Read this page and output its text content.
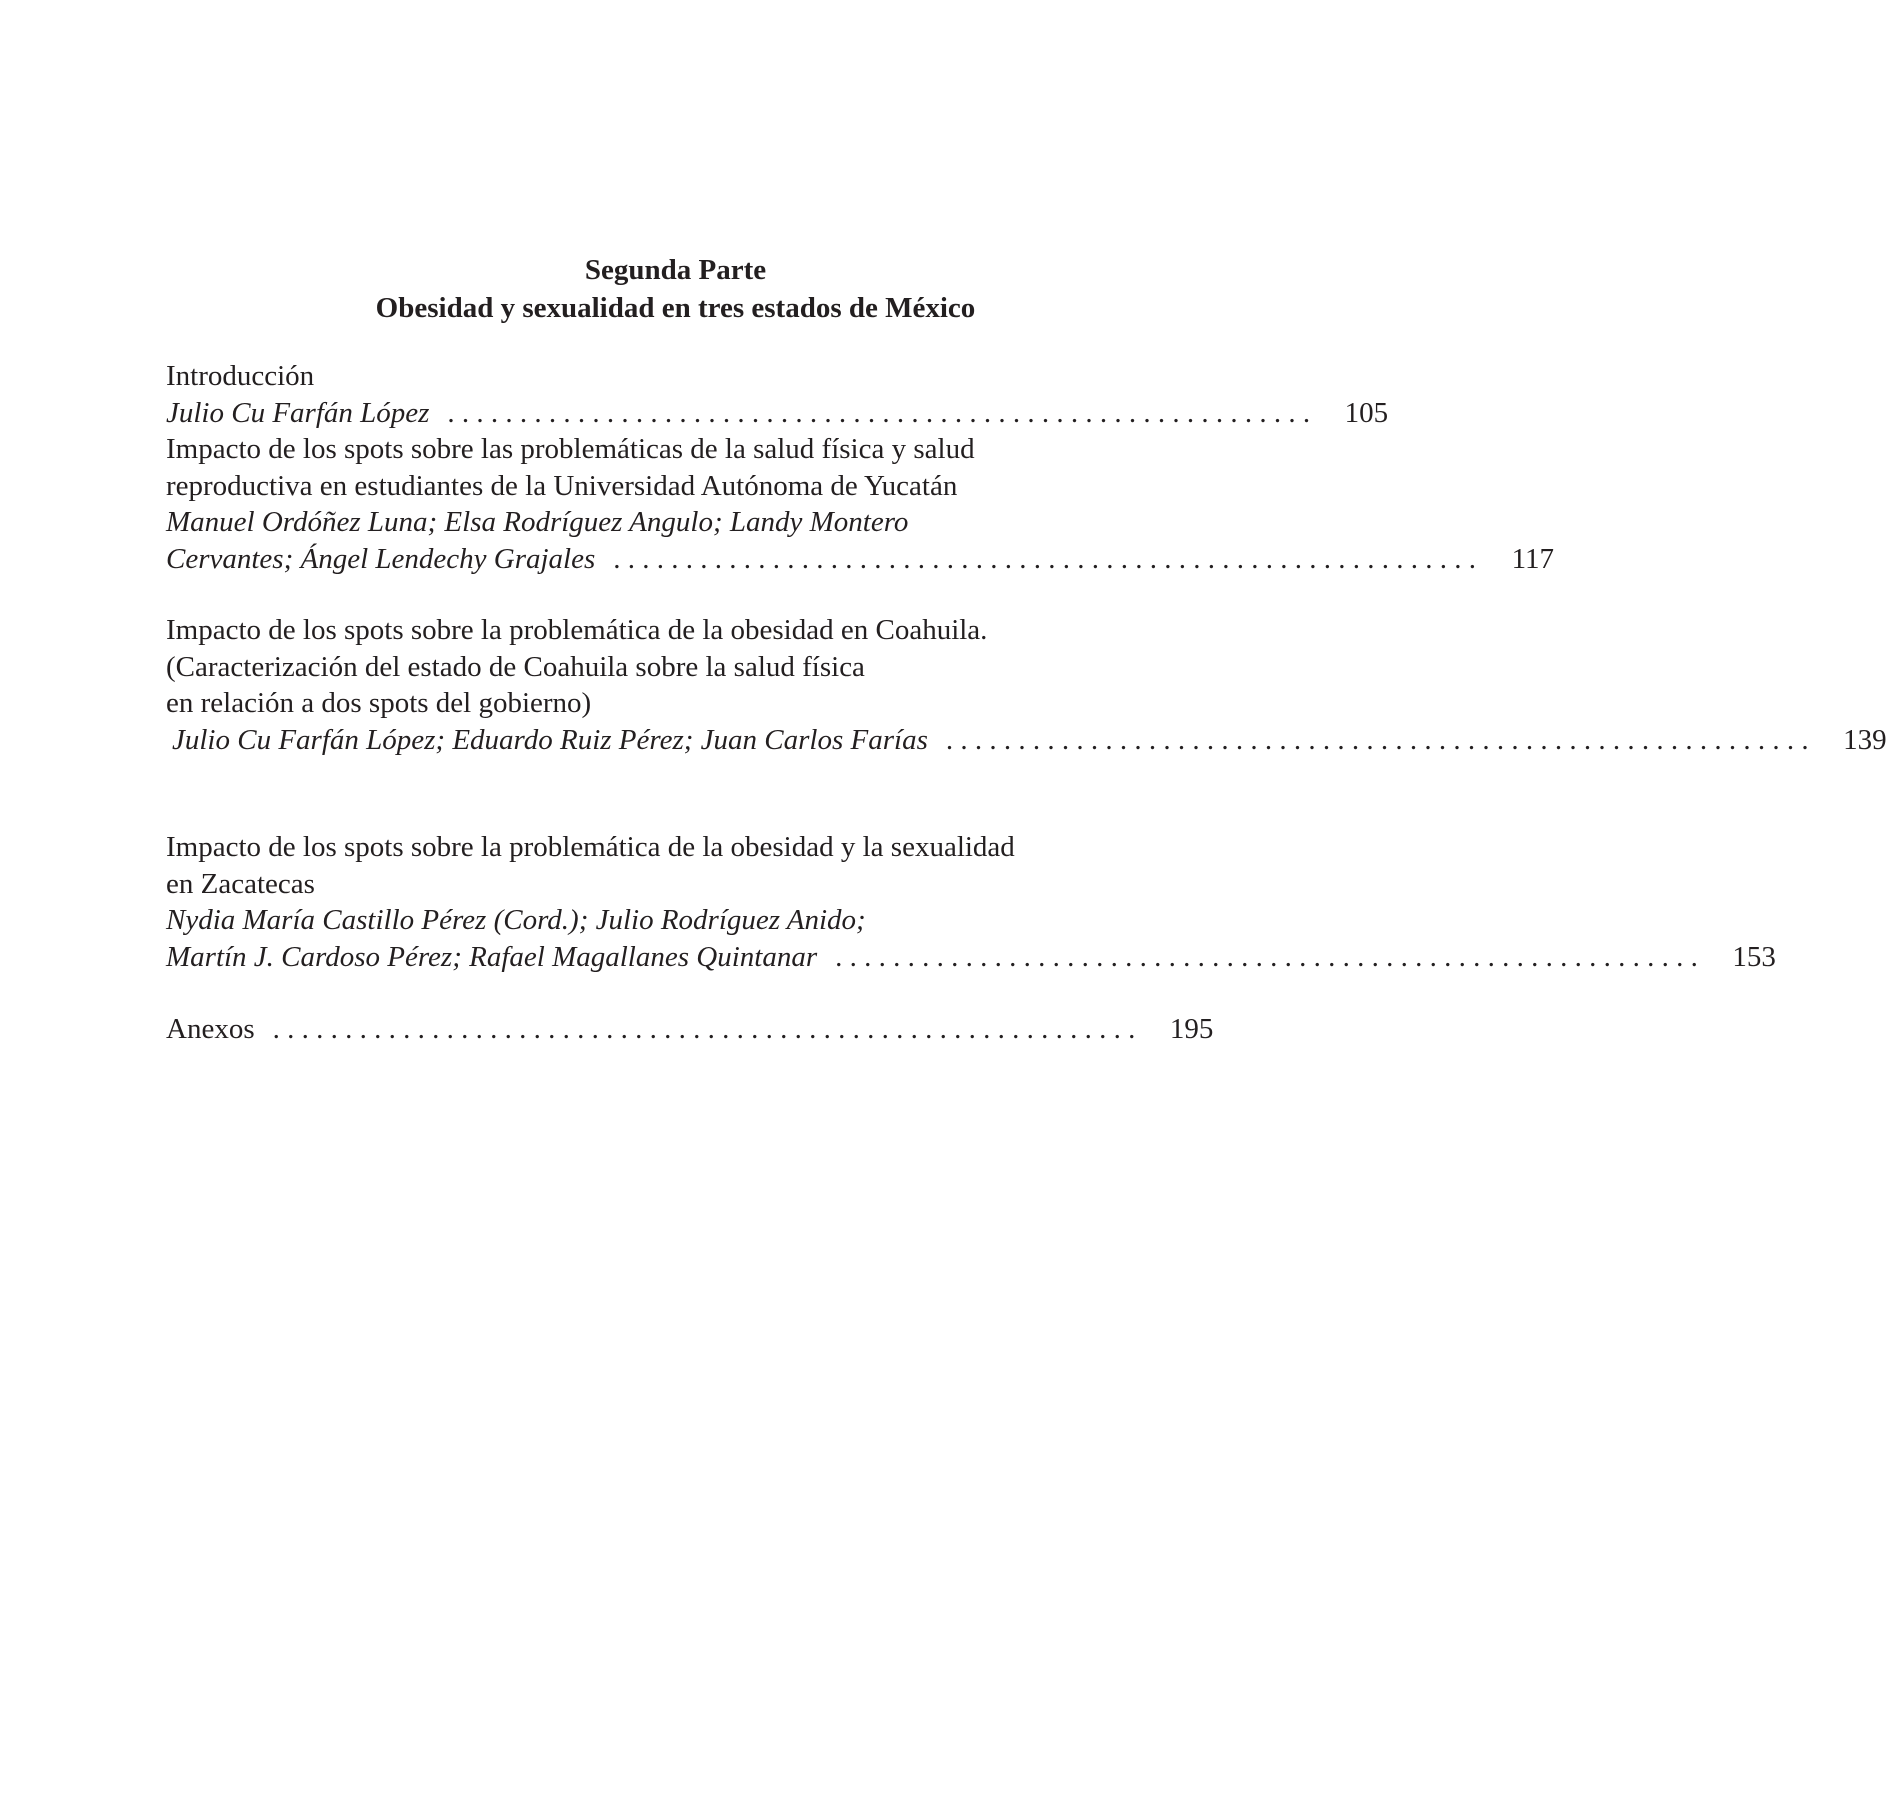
Segunda Parte
Obesidad y sexualidad en tres estados de México
Introducción
Julio Cu Farfán López . . . . . . . . . . . . . . . . . . . . . . . . . . . . . . . . . . . . . . . . . . . . . . . . . . . . . . . . . . . . 105
Impacto de los spots sobre las problemáticas de la salud física y salud
reproductiva en estudiantes de la Universidad Autónoma de Yucatán
Manuel Ordóñez Luna; Elsa Rodríguez Angulo; Landy Montero
Cervantes; Ángel Lendechy Grajales . . . . . . . . . . . . . . . . . . . . . . . . . . . . . . . . . . . . . . . . . . . . . . . . . . . . . . . . . . . .	117
Impacto de los spots sobre la problemática de la obesidad en Coahuila.
(Caracterización del estado de Coahuila sobre la salud física
en relación a dos spots del gobierno)
Julio Cu Farfán López; Eduardo Ruiz Pérez; Juan Carlos Farías . . . . . . . . . . . . . . . . . . . . . . . . . . . . . . . . . . . . . . . . . . . . . . . . . . . . . . . . . . . . 139
Impacto de los spots sobre la problemática de la obesidad y la sexualidad
en Zacatecas
Nydia María Castillo Pérez (Cord.); Julio Rodríguez Anido;
Martín J. Cardoso Pérez; Rafael Magallanes Quintanar . . . . . . . . . . . . . . . . . . . . . . . . . . . . . . . . . . . . . . . . . . . . . . . . . . . . . . . . . . . . 153
Anexos . . . . . . . . . . . . . . . . . . . . . . . . . . . . . . . . . . . . . . . . . . . . . . . . . . . . . . . . . . . . 195
